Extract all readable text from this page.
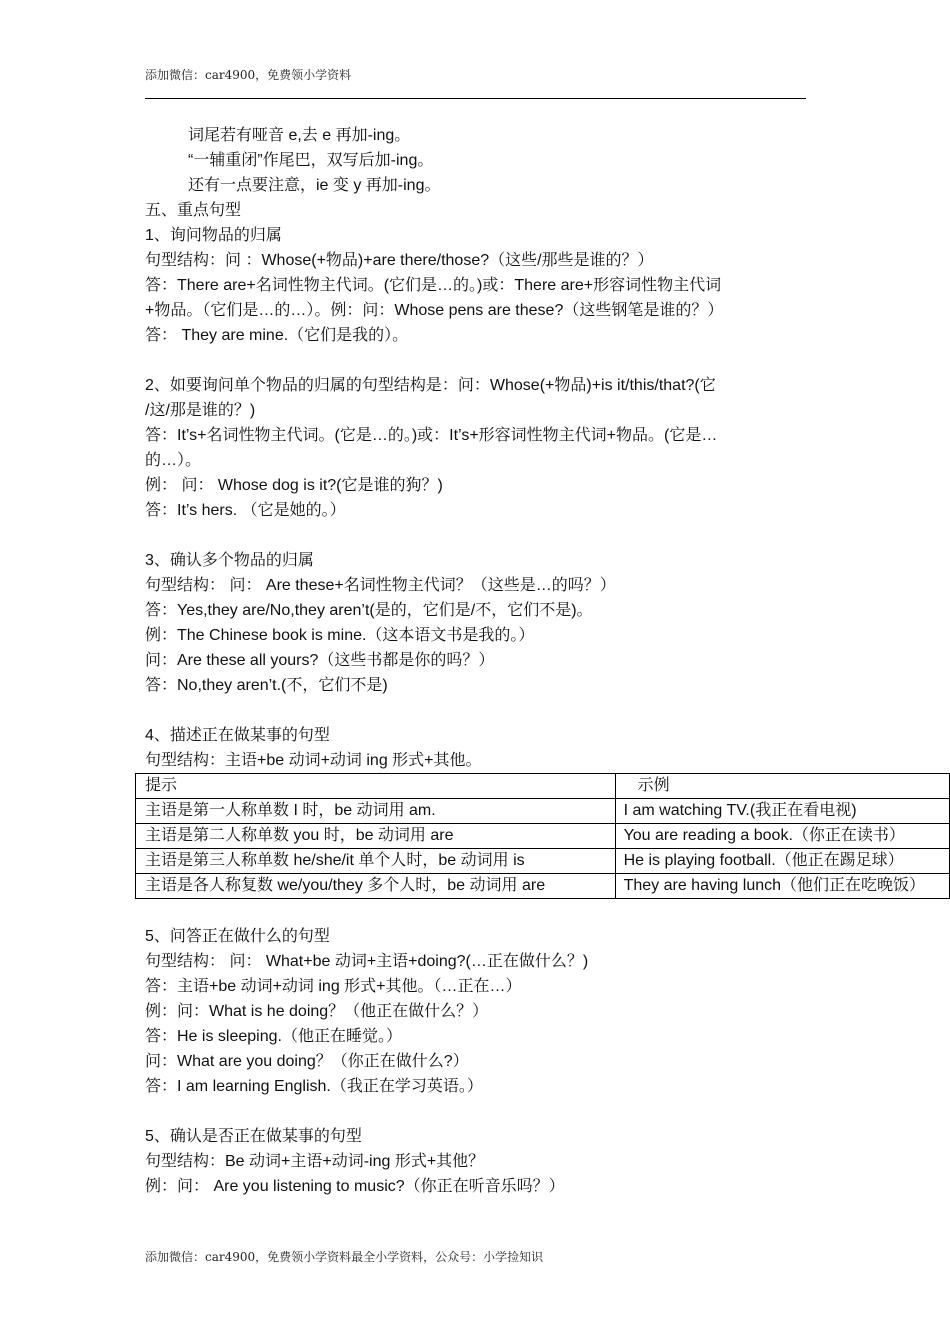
添加微信：car4900，免费领小学资料
词尾若有哑音 e,去 e 再加-ing。
“一辅重闭”作尾巴，双写后加-ing。
还有一点要注意，ie 变 y 再加-ing。
五、重点句型
1、询问物品的归属
句型结构：问 ：Whose(+物品)+are there/those?（这些/那些是谁的？）
答：There are+名词性物主代词。(它们是…的。)或：There are+形容词性物主代词
+物品。（它们是…的…）。例：问：Whose pens are these?（这些钢笔是谁的？）
答： They are mine.（它们是我的）。
2、如要询问单个物品的归属的句型结构是：问：Whose(+物品)+is it/this/that?(它
/这/那是谁的？)
答：It’s+名词性物主代词。(它是…的。)或：It’s+形容词性物主代词+物品。(它是…
的…）。
例： 问： Whose dog is it?(它是谁的狗？)
答：It’s hers. （它是她的。）
3、确认多个物品的归属
句型结构： 问： Are these+名词性物主代词？（这些是…的吗？）
答：Yes,they are/No,they aren’t(是的，它们是/不，它们不是)。
例：The Chinese book is mine.（这本语文书是我的。）
问：Are these all yours?（这些书都是你的吗？）
答：No,they aren’t.(不，它们不是)
4、描述正在做某事的句型
句型结构：主语+be 动词+动词 ing 形式+其他。
提示	示例
主语是第一人称单数 I 时，be 动词用 am.	I am watching TV.(我正在看电视)
主语是第二人称单数 you 时，be 动词用 are	You are reading a book.（你正在读书）
主语是第三人称单数 he/she/it 单个人时，be 动词用 is	He is playing football.（他正在踢足球）
主语是各人称复数 we/you/they 多个人时，be 动词用 are	They are having lunch（他们正在吃晚饭）
5、问答正在做什么的句型
句型结构： 问： What+be 动词+主语+doing?(…正在做什么？)
答：主语+be 动词+动词 ing 形式+其他。（…正在…）
例：问：What is he doing？（他正在做什么？）
答：He is sleeping.（他正在睡觉。）
问：What are you doing？（你正在做什么?）
答：I am learning English.（我正在学习英语。）
5、确认是否正在做某事的句型
句型结构：Be 动词+主语+动词-ing 形式+其他？
例：问： Are you listening to music?（你正在听音乐吗？）
添加微信：car4900，免费领小学资料最全小学资料，公众号：小学捡知识
